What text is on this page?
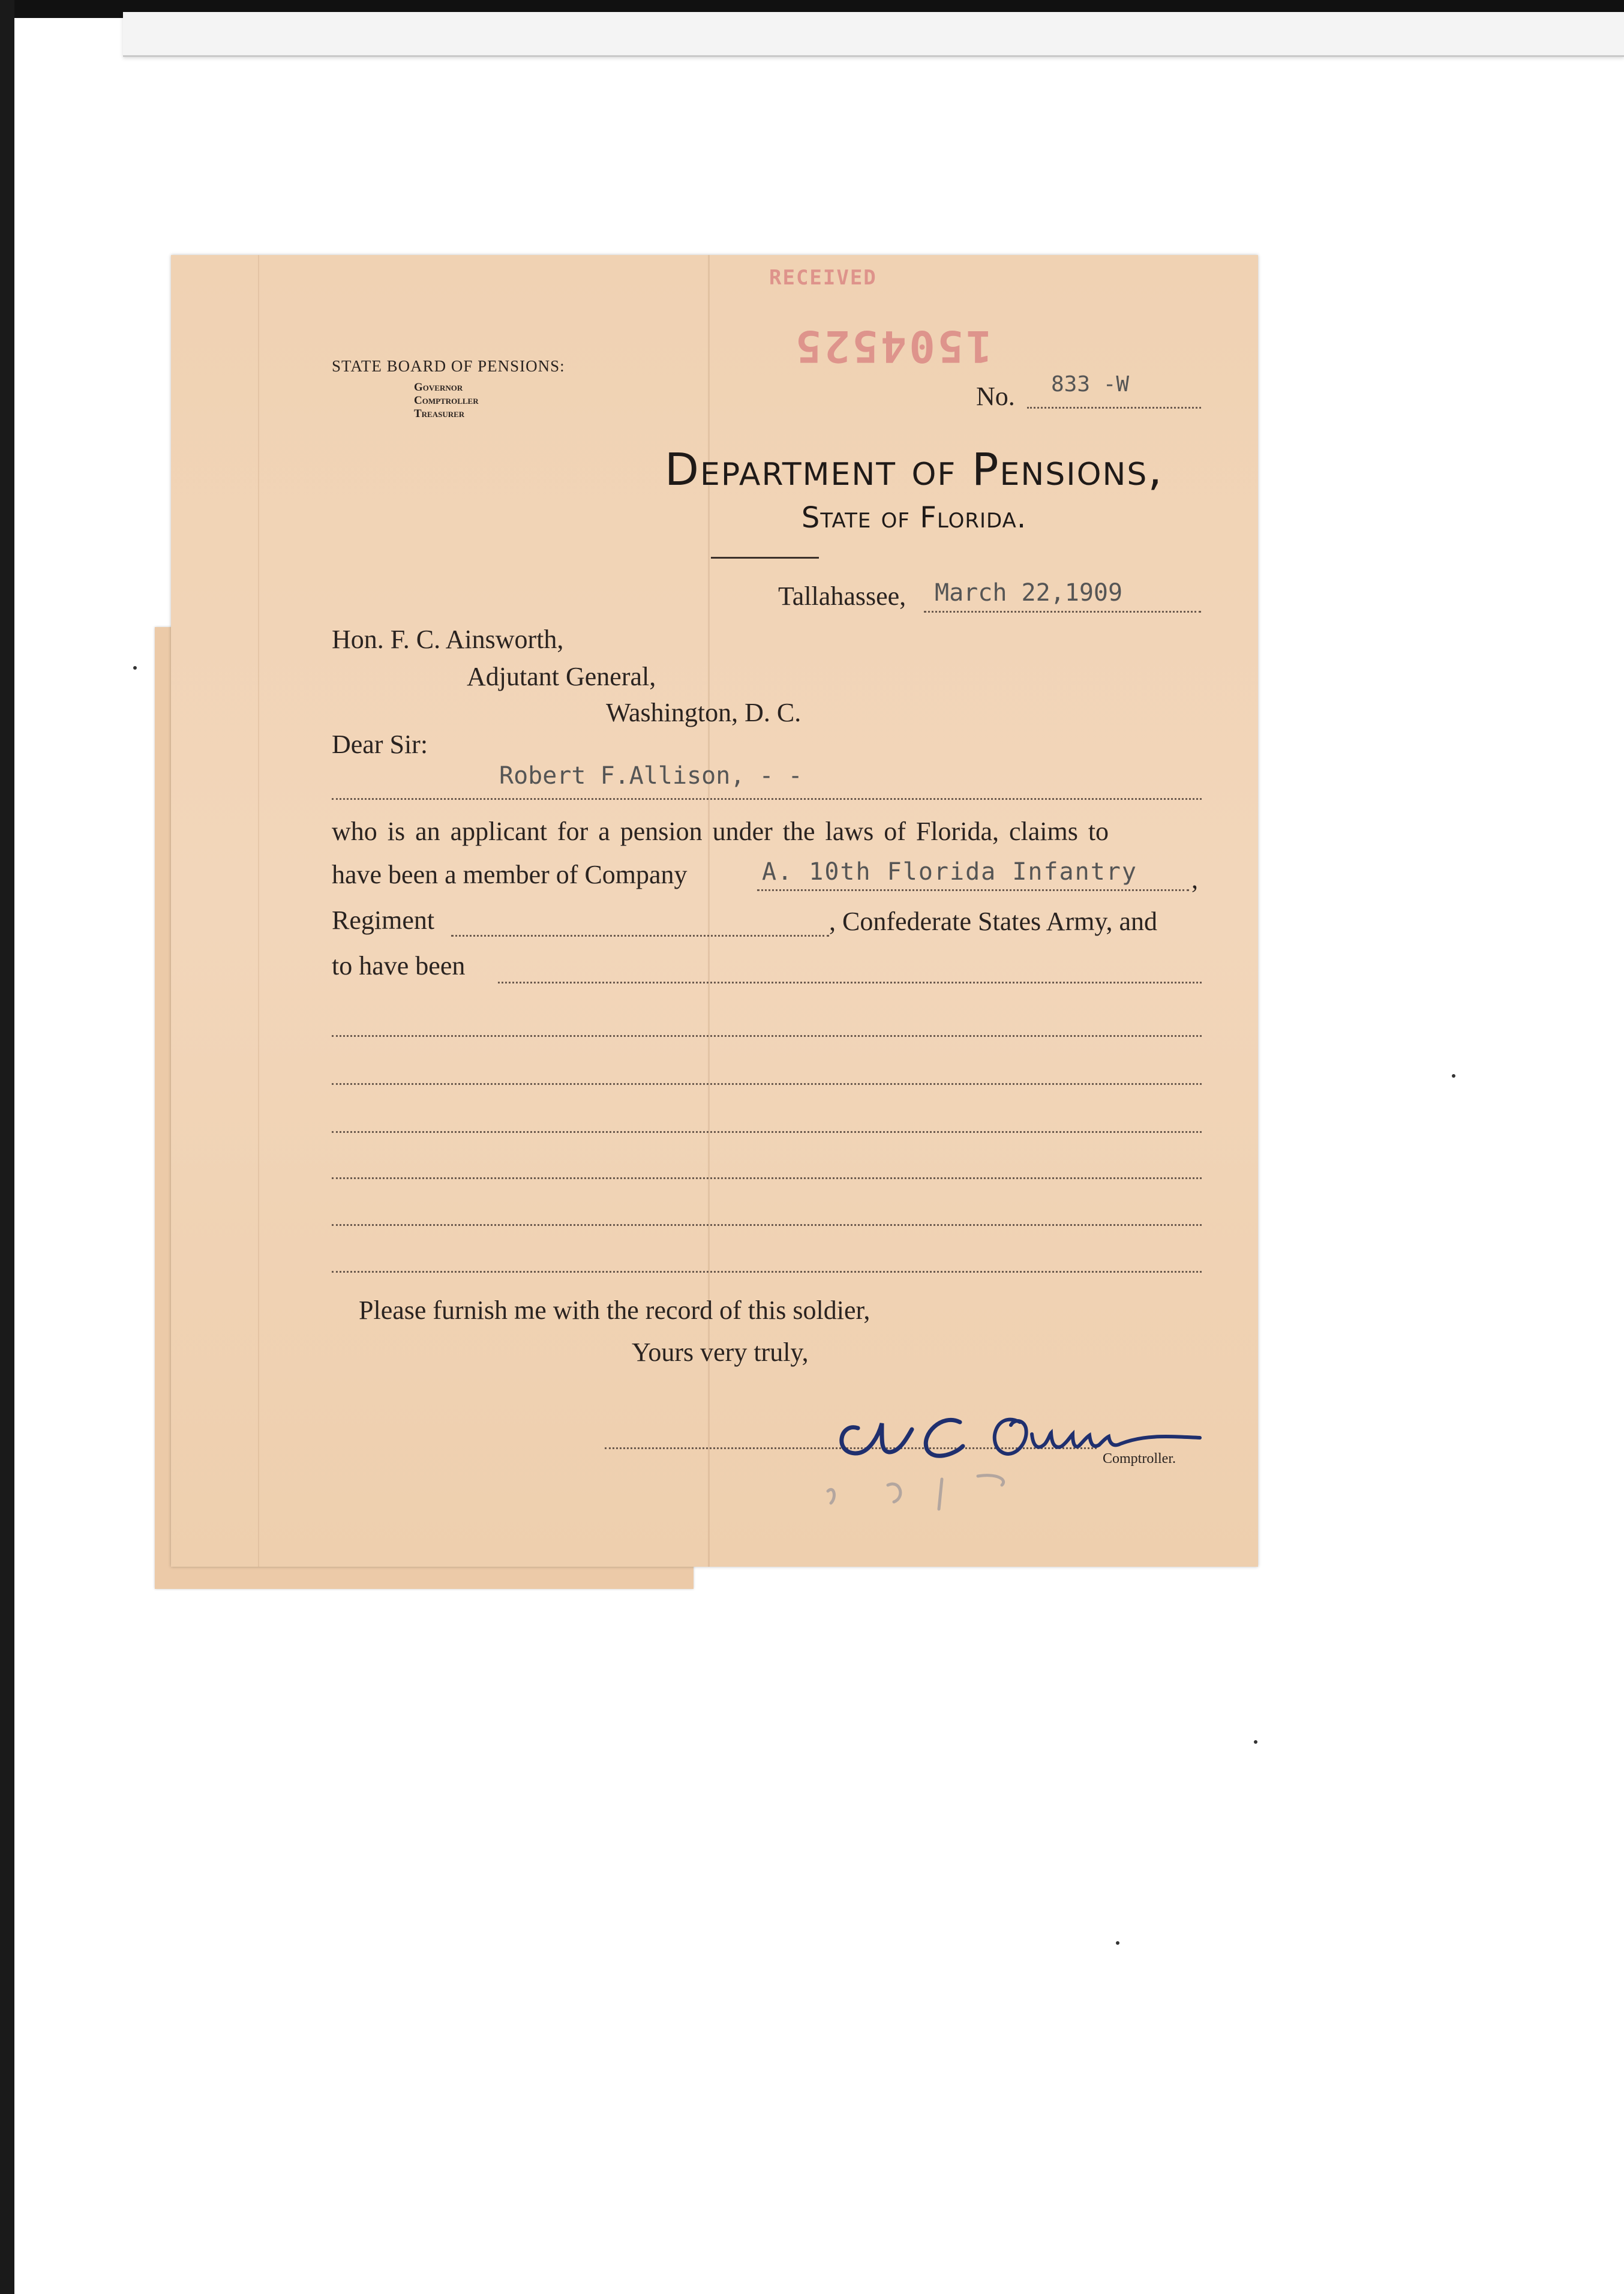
RECEIVED
1504525
STATE BOARD OF PENSIONS:
Governor
Comptroller
Treasurer
No. 833 -W
Department of Pensions,
State of Florida.
Tallahassee, March 22,1909
Hon. F. C. Ainsworth,
Adjutant General,
Washington, D. C.
Dear Sir:
Robert F.Allison, - -
who is an applicant for a pension under the laws of Florida, claims to
have been a member of Company	A. 10th Florida Infantry ,
Regiment	, Confederate States Army, and
to have been
Please furnish me with the record of this soldier,
Yours very truly,
Comptroller.
